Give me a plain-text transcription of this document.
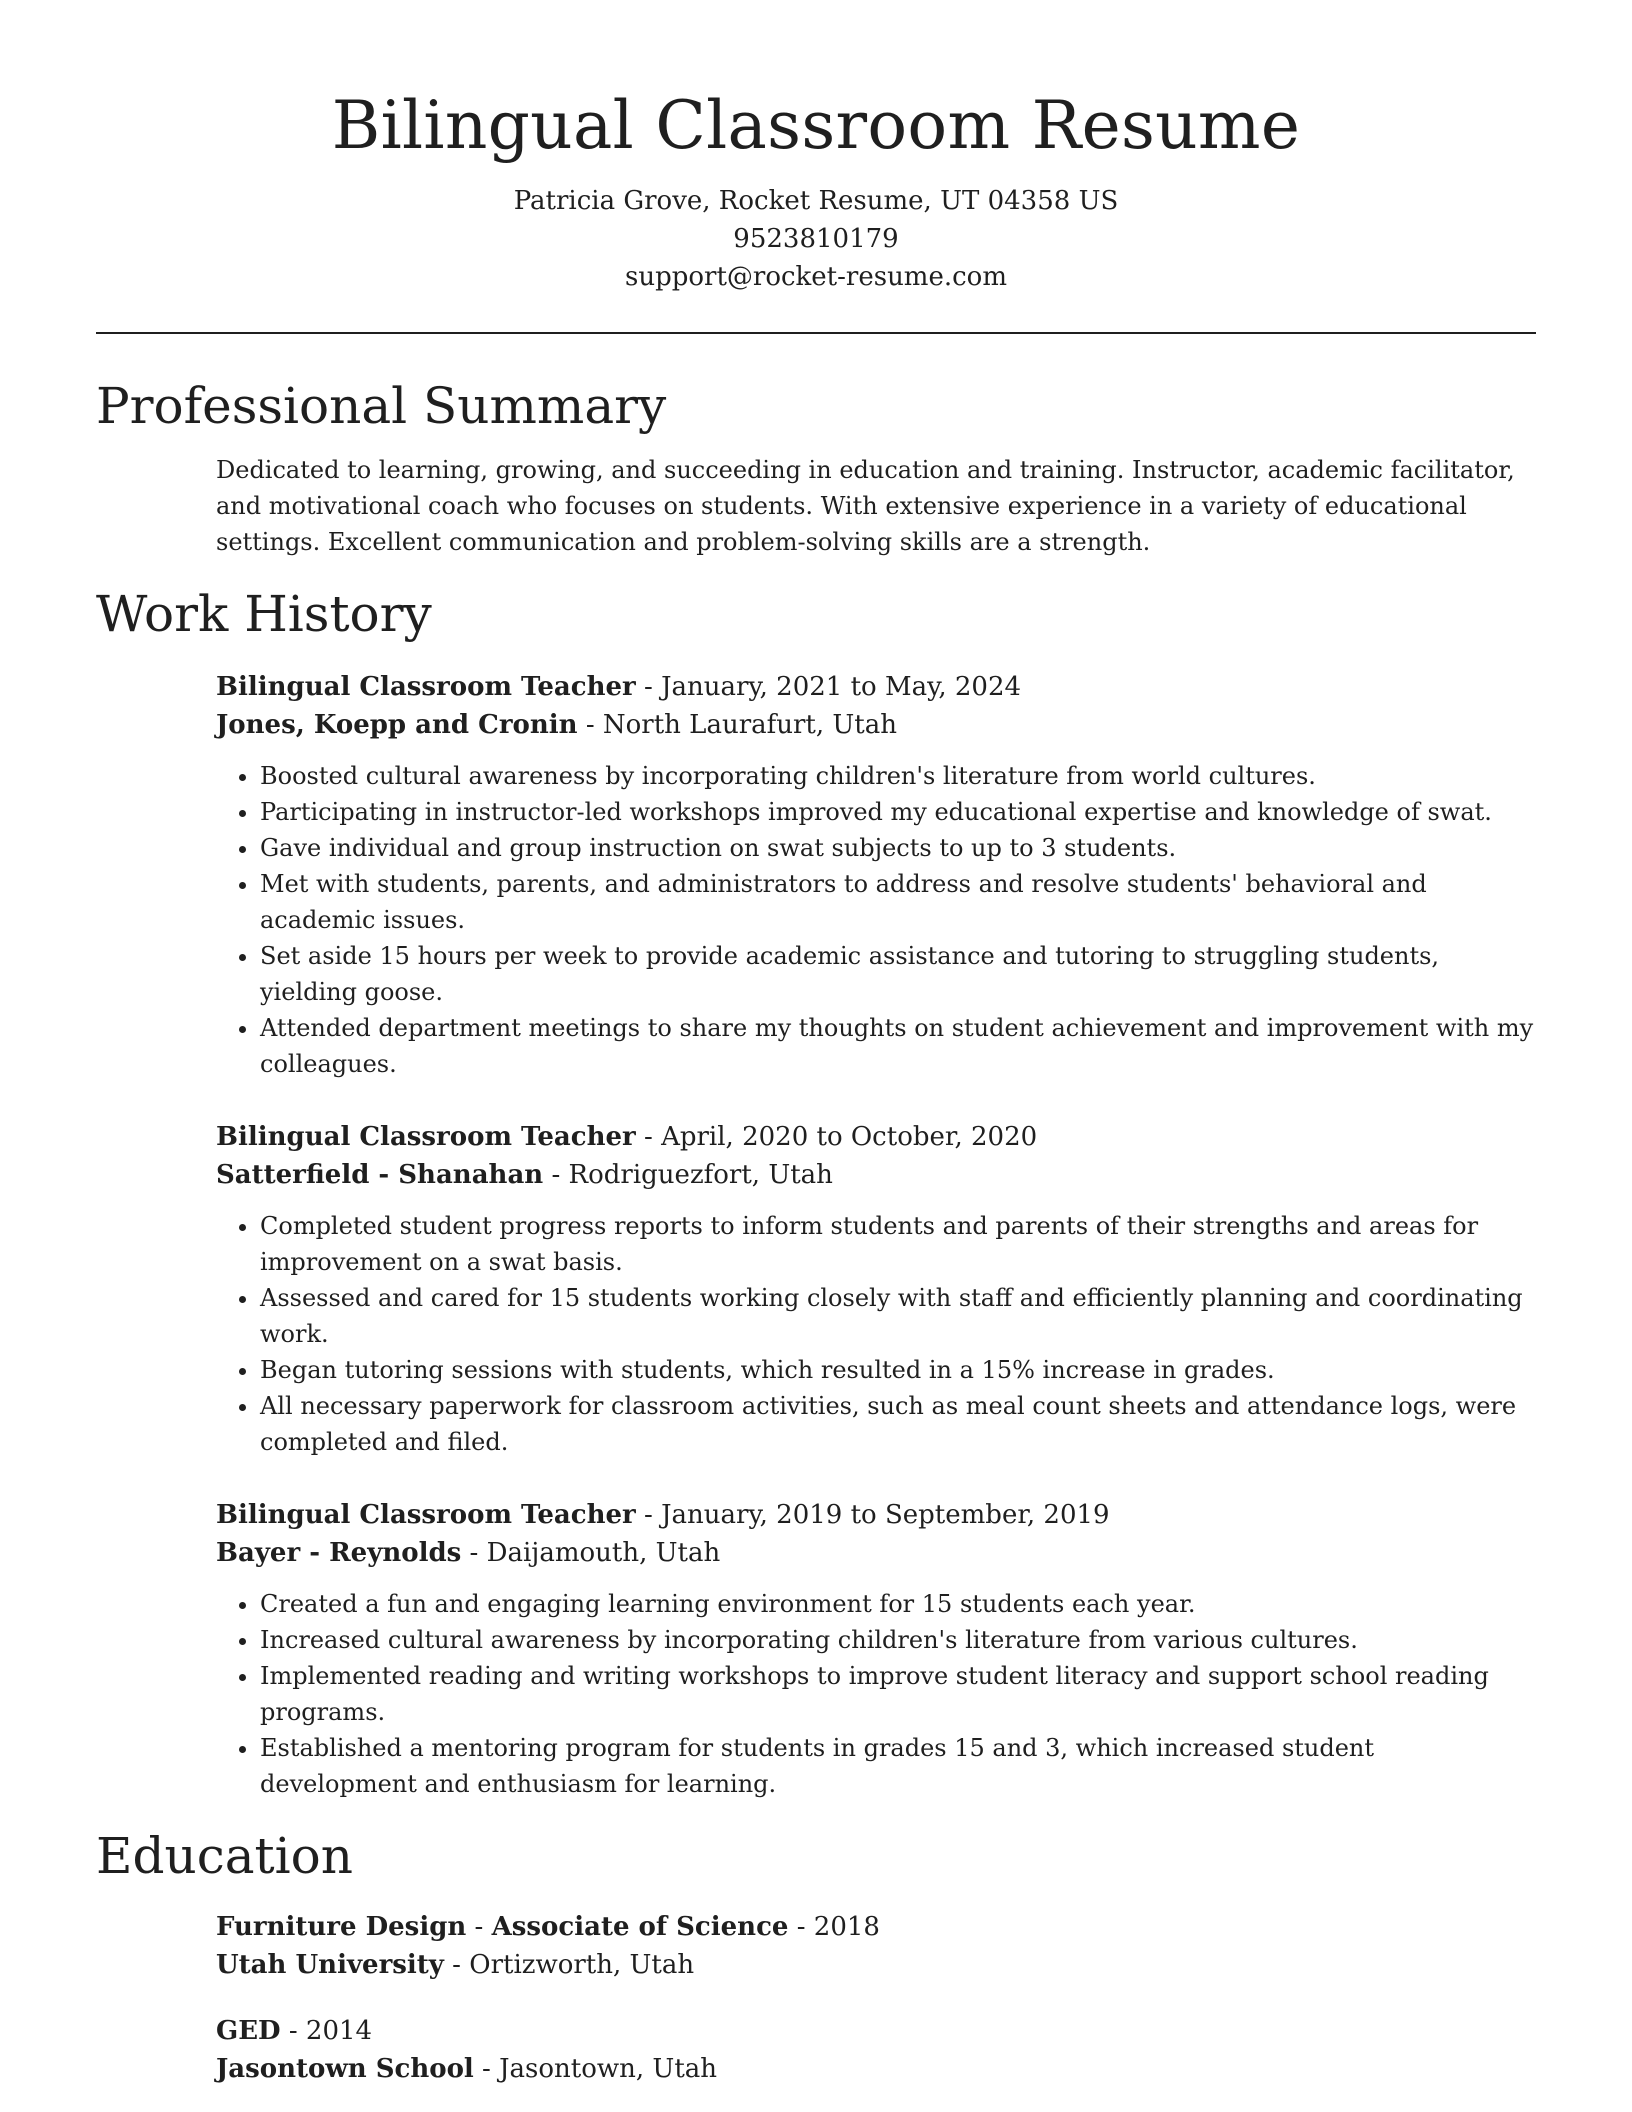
Bilingual Classroom Resume
Patricia Grove, Rocket Resume, UT 04358 US
9523810179
support@rocket-resume.com
Professional Summary

Dedicated to learning, growing, and succeeding in education and training. Instructor, academic facilitator, and motivational coach who focuses on students. With extensive experience in a variety of educational settings. Excellent communication and problem-solving skills are a strength.

Work History

Bilingual Classroom Teacher - January, 2021 to May, 2024

Jones, Koepp and Cronin - North Laurafurt, Utah

• Boosted cultural awareness by incorporating children's literature from world cultures.
• Participating in instructor-led workshops improved my educational expertise and knowledge of swat.
• Gave individual and group instruction on swat subjects to up to 3 students.
• Met with students, parents, and administrators to address and resolve students' behavioral and academic issues.
• Set aside 15 hours per week to provide academic assistance and tutoring to struggling students, yielding goose.
• Attended department meetings to share my thoughts on student achievement and improvement with my colleagues.

Bilingual Classroom Teacher - April, 2020 to October, 2020

Satterfield - Shanahan - Rodriguezfort, Utah

• Completed student progress reports to inform students and parents of their strengths and areas for improvement on a swat basis.
• Assessed and cared for 15 students working closely with staff and efficiently planning and coordinating work.
• Began tutoring sessions with students, which resulted in a 15% increase in grades.
• All necessary paperwork for classroom activities, such as meal count sheets and attendance logs, were completed and filed.

Bilingual Classroom Teacher - January, 2019 to September, 2019

Bayer - Reynolds - Daijamouth, Utah

• Created a fun and engaging learning environment for 15 students each year.
• Increased cultural awareness by incorporating children's literature from various cultures.
• Implemented reading and writing workshops to improve student literacy and support school reading programs.
• Established a mentoring program for students in grades 15 and 3, which increased student development and enthusiasm for learning.
Education
Furniture Design - Associate of Science - 2018
Utah University - Ortizworth, Utah
GED - 2014
Jasontown School - Jasontown, Utah
